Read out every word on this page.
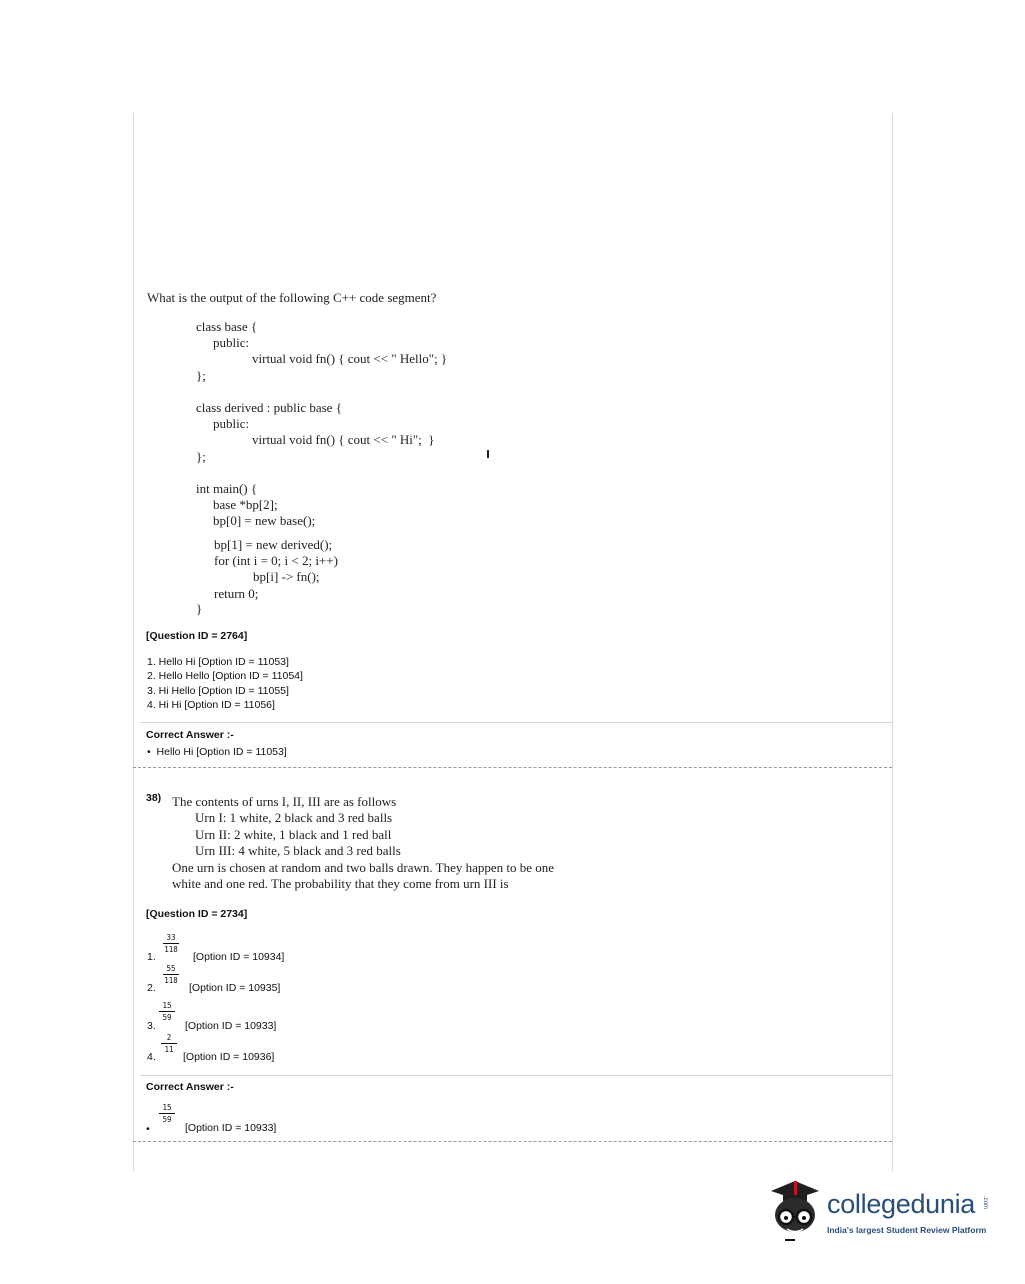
What is the output of the following C++ code segment?
class base {
public:
virtual void fn() { cout << " Hello"; }
};
class derived : public base {
public:
virtual void fn() { cout << " Hi";  }
};
int main() {
base *bp[2];
bp[0] = new base();
bp[1] = new derived();
for (int i = 0; i < 2; i++)
bp[i] -> fn();
return 0;
}
[Question ID = 2764]
1. Hello Hi [Option ID = 11053]
2. Hello Hello [Option ID = 11054]
3. Hi Hello [Option ID = 11055]
4. Hi Hi [Option ID = 11056]
Correct Answer :-
•  Hello Hi [Option ID = 11053]
38) The contents of urns I, II, III are as follows
Urn I: 1 white, 2 black and 3 red balls
Urn II: 2 white, 1 black and 1 red ball
Urn III: 4 white, 5 black and 3 red balls
One urn is chosen at random and two balls drawn. They happen to be one
white and one red. The probability that they come from urn III is
[Question ID = 2734]
1.
$\frac{33}{118}$
[Option ID = 10934]
2.
$\frac{55}{118}$
[Option ID = 10935]
3.
$\frac{15}{59}$
[Option ID = 10933]
4.
$\frac{2}{11}$
[Option ID = 10936]
Correct Answer :-
•
$\frac{15}{59}$
[Option ID = 10933]
collegedunia .com
India's largest Student Review Platform
